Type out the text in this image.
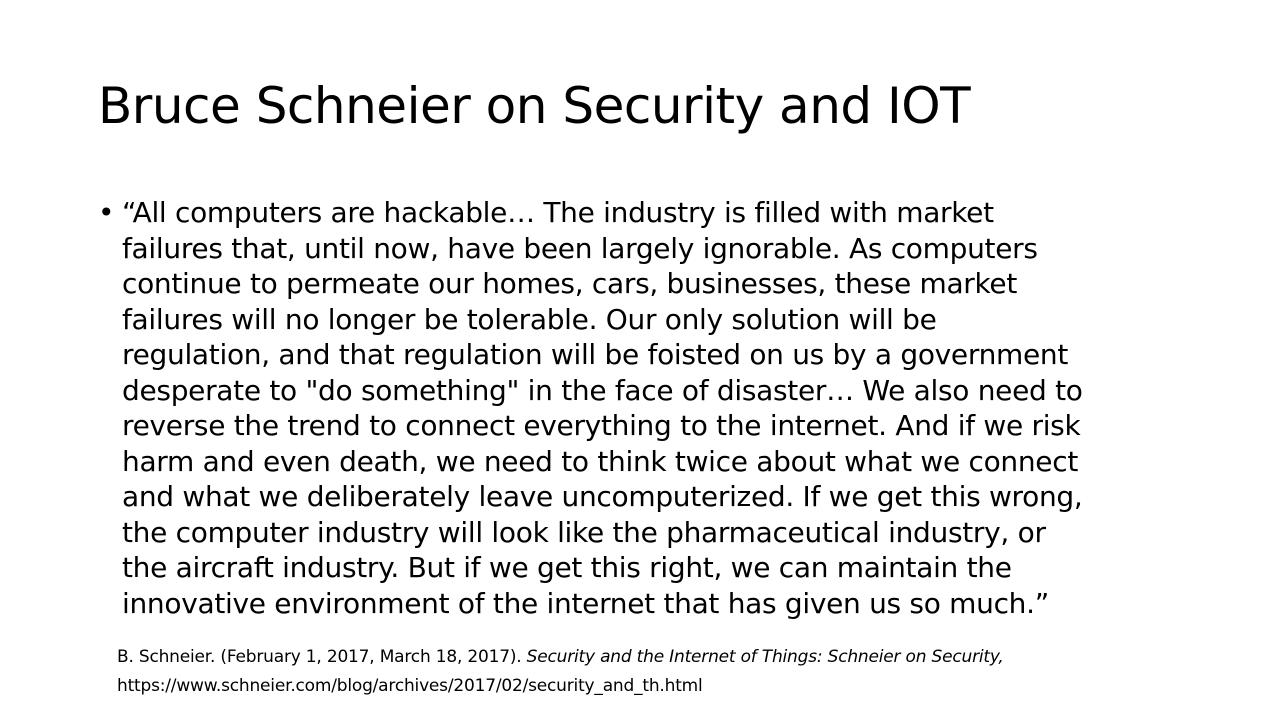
Bruce Schneier on Security and IOT
• “All computers are hackable… The industry is filled with market
failures that, until now, have been largely ignorable. As computers
continue to permeate our homes, cars, businesses, these market
failures will no longer be tolerable. Our only solution will be
regulation, and that regulation will be foisted on us by a government
desperate to "do something" in the face of disaster… We also need to
reverse the trend to connect everything to the internet. And if we risk
harm and even death, we need to think twice about what we connect
and what we deliberately leave uncomputerized. If we get this wrong,
the computer industry will look like the pharmaceutical industry, or
the aircraft industry. But if we get this right, we can maintain the
innovative environment of the internet that has given us so much.”
B. Schneier. (February 1, 2017, March 18, 2017). Security and the Internet of Things: Schneier on Security,
https://www.schneier.com/blog/archives/2017/02/security_and_th.html
